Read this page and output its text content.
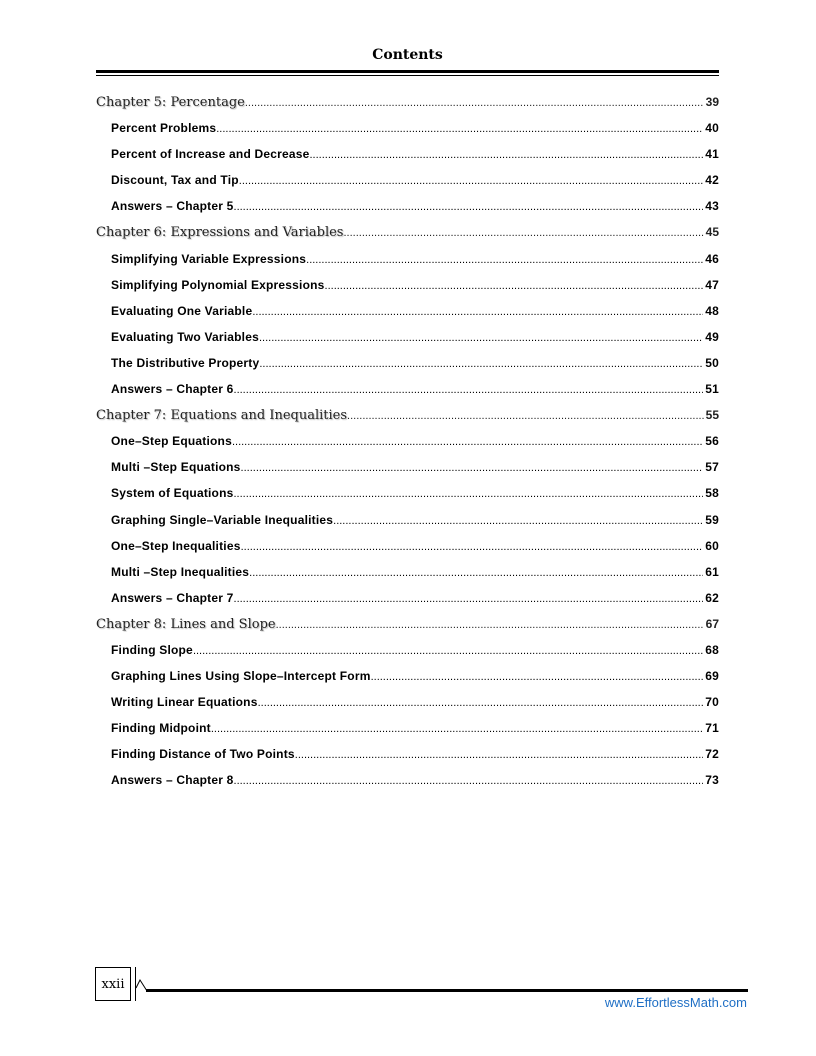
Contents
Chapter 5: Percentage .....	39
Percent Problems .....	40
Percent of Increase and Decrease .....	41
Discount, Tax and Tip .....	42
Answers – Chapter 5 .....	43
Chapter 6: Expressions and Variables .....	45
Simplifying Variable Expressions .....	46
Simplifying Polynomial Expressions .....	47
Evaluating One Variable .....	48
Evaluating Two Variables .....	49
The Distributive Property .....	50
Answers – Chapter 6 .....	51
Chapter 7: Equations and Inequalities .....	55
One–Step Equations .....	56
Multi –Step Equations .....	57
System of Equations .....	58
Graphing Single–Variable Inequalities .....	59
One–Step Inequalities .....	60
Multi –Step Inequalities .....	61
Answers – Chapter 7 .....	62
Chapter 8: Lines and Slope .....	67
Finding Slope .....	68
Graphing Lines Using Slope–Intercept Form .....	69
Writing Linear Equations .....	70
Finding Midpoint .....	71
Finding Distance of Two Points .....	72
Answers – Chapter 8 .....	73
xxii
www.EffortlessMath.com
